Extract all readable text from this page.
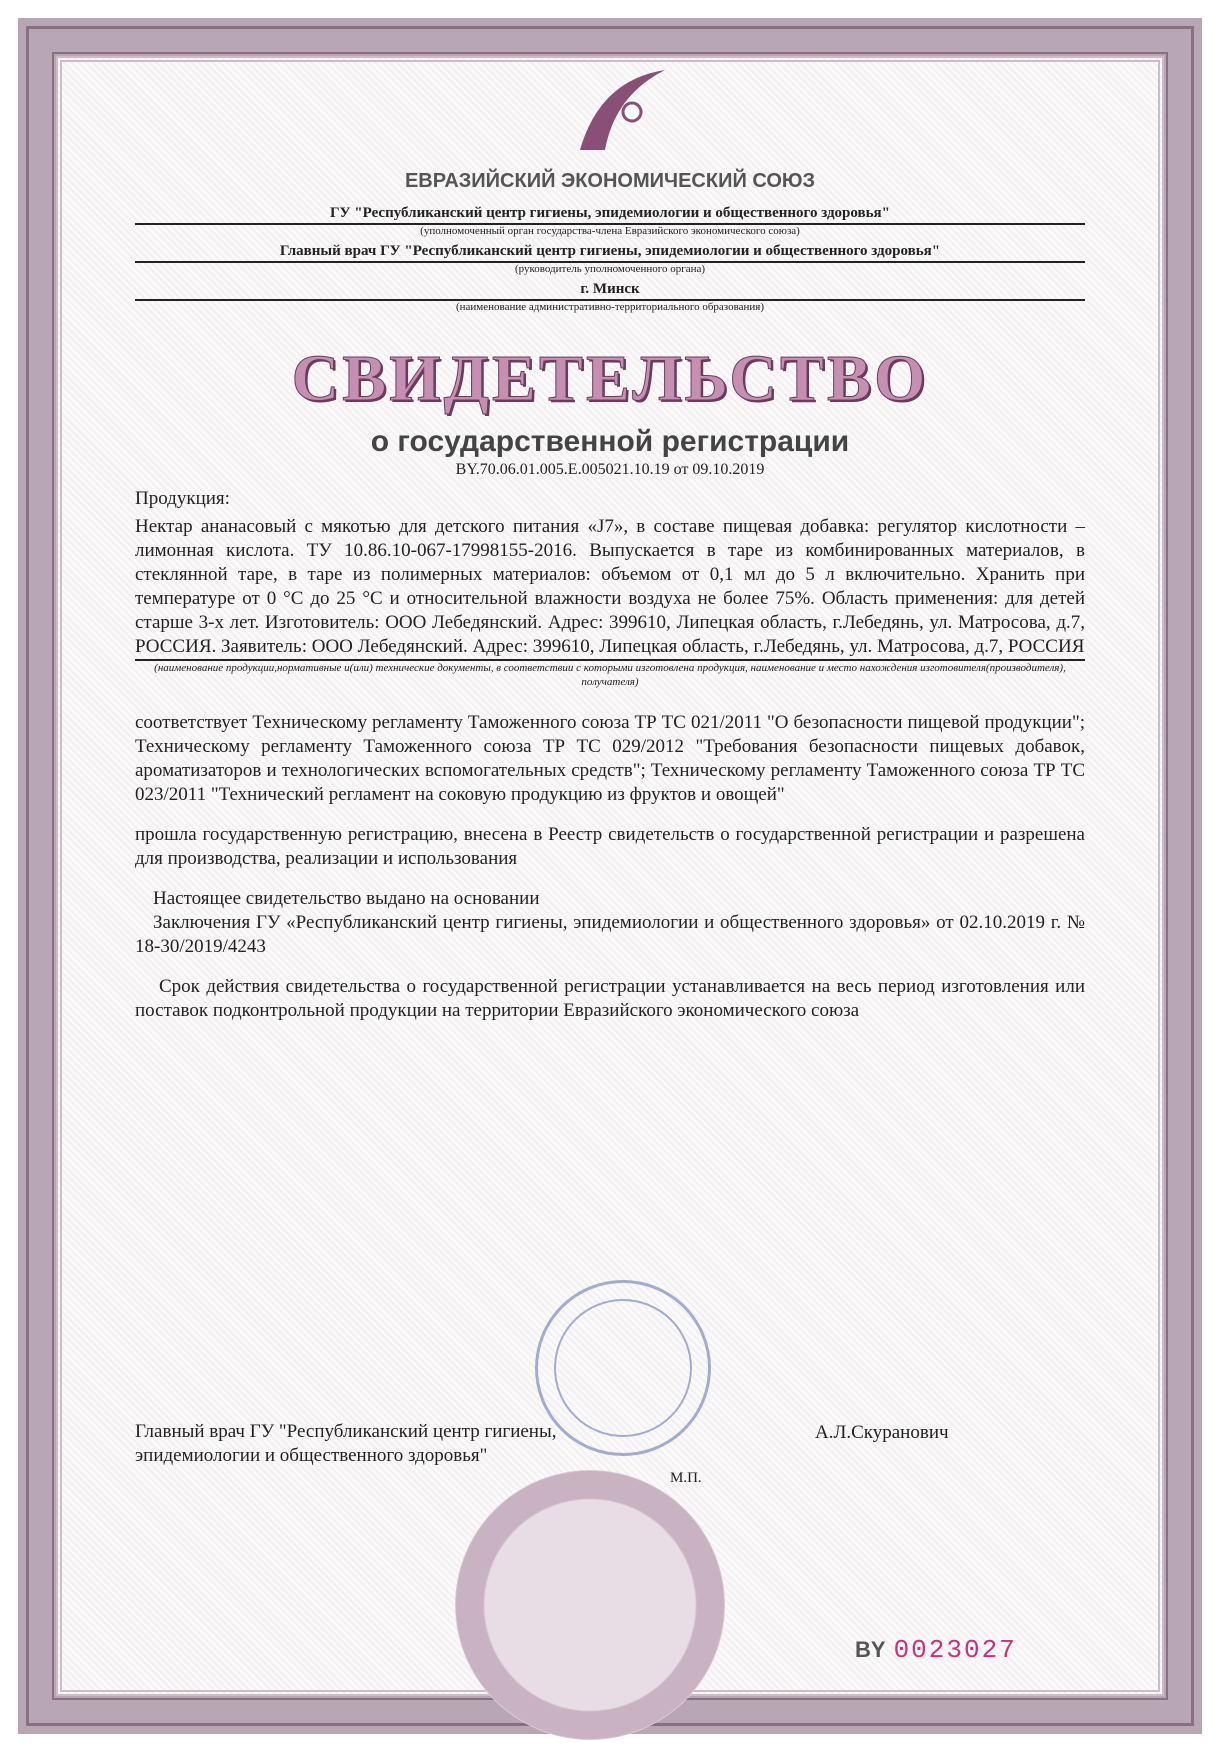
ЕВРАЗИЙСКИЙ ЭКОНОМИЧЕСКИЙ СОЮЗ
ГУ "Республиканский центр гигиены, эпидемиологии и общественного здоровья"
(уполномоченный орган государства-члена Евразийского экономического союза)
Главный врач ГУ "Республиканский центр гигиены, эпидемиологии и общественного здоровья"
(руководитель уполномоченного органа)
г. Минск
(наименование административно-территориального образования)
СВИДЕТЕЛЬСТВО
о государственной регистрации
BY.70.06.01.005.E.005021.10.19 от 09.10.2019
Продукция:
Нектар ананасовый с мякотью для детского питания «J7», в составе пищевая добавка: регулятор кислотности – лимонная кислота. ТУ 10.86.10-067-17998155-2016. Выпускается в таре из комбинированных материалов, в стеклянной таре, в таре из полимерных материалов: объемом от 0,1 мл до 5 л включительно. Хранить при температуре от 0 °С до 25 °С и относительной влажности воздуха не более 75%. Область применения: для детей старше 3-х лет. Изготовитель: ООО Лебедянский. Адрес: 399610, Липецкая область, г.Лебедянь, ул. Матросова, д.7, РОССИЯ. Заявитель: ООО Лебедянский. Адрес: 399610, Липецкая область, г.Лебедянь, ул. Матросова, д.7, РОССИЯ
(наименование продукции,нормативные и(или) технические документы, в соответствии с которыми изготовлена продукция, наименование и место нахождения изготовителя(производителя), получателя)
соответствует Техническому регламенту Таможенного союза ТР ТС 021/2011 "О безопасности пищевой продукции"; Техническому регламенту Таможенного союза ТР ТС 029/2012 "Требования безопасности пищевых добавок, ароматизаторов и технологических вспомогательных средств"; Техническому регламенту Таможенного союза ТР ТС 023/2011 "Технический регламент на соковую продукцию из фруктов и овощей"
прошла государственную регистрацию, внесена в Реестр свидетельств о государственной регистрации и разрешена для производства, реализации и использования
Настоящее свидетельство выдано на основании
Заключения ГУ «Республиканский центр гигиены, эпидемиологии и общественного здоровья» от 02.10.2019 г. № 18-30/2019/4243
Срок действия свидетельства о государственной регистрации устанавливается на весь период изготовления или поставок подконтрольной продукции на территории Евразийского экономического союза
Главный врач ГУ "Республиканский центр гигиены, эпидемиологии и общественного здоровья"
А.Л.Скуранович
М.П.
BY 0023027
